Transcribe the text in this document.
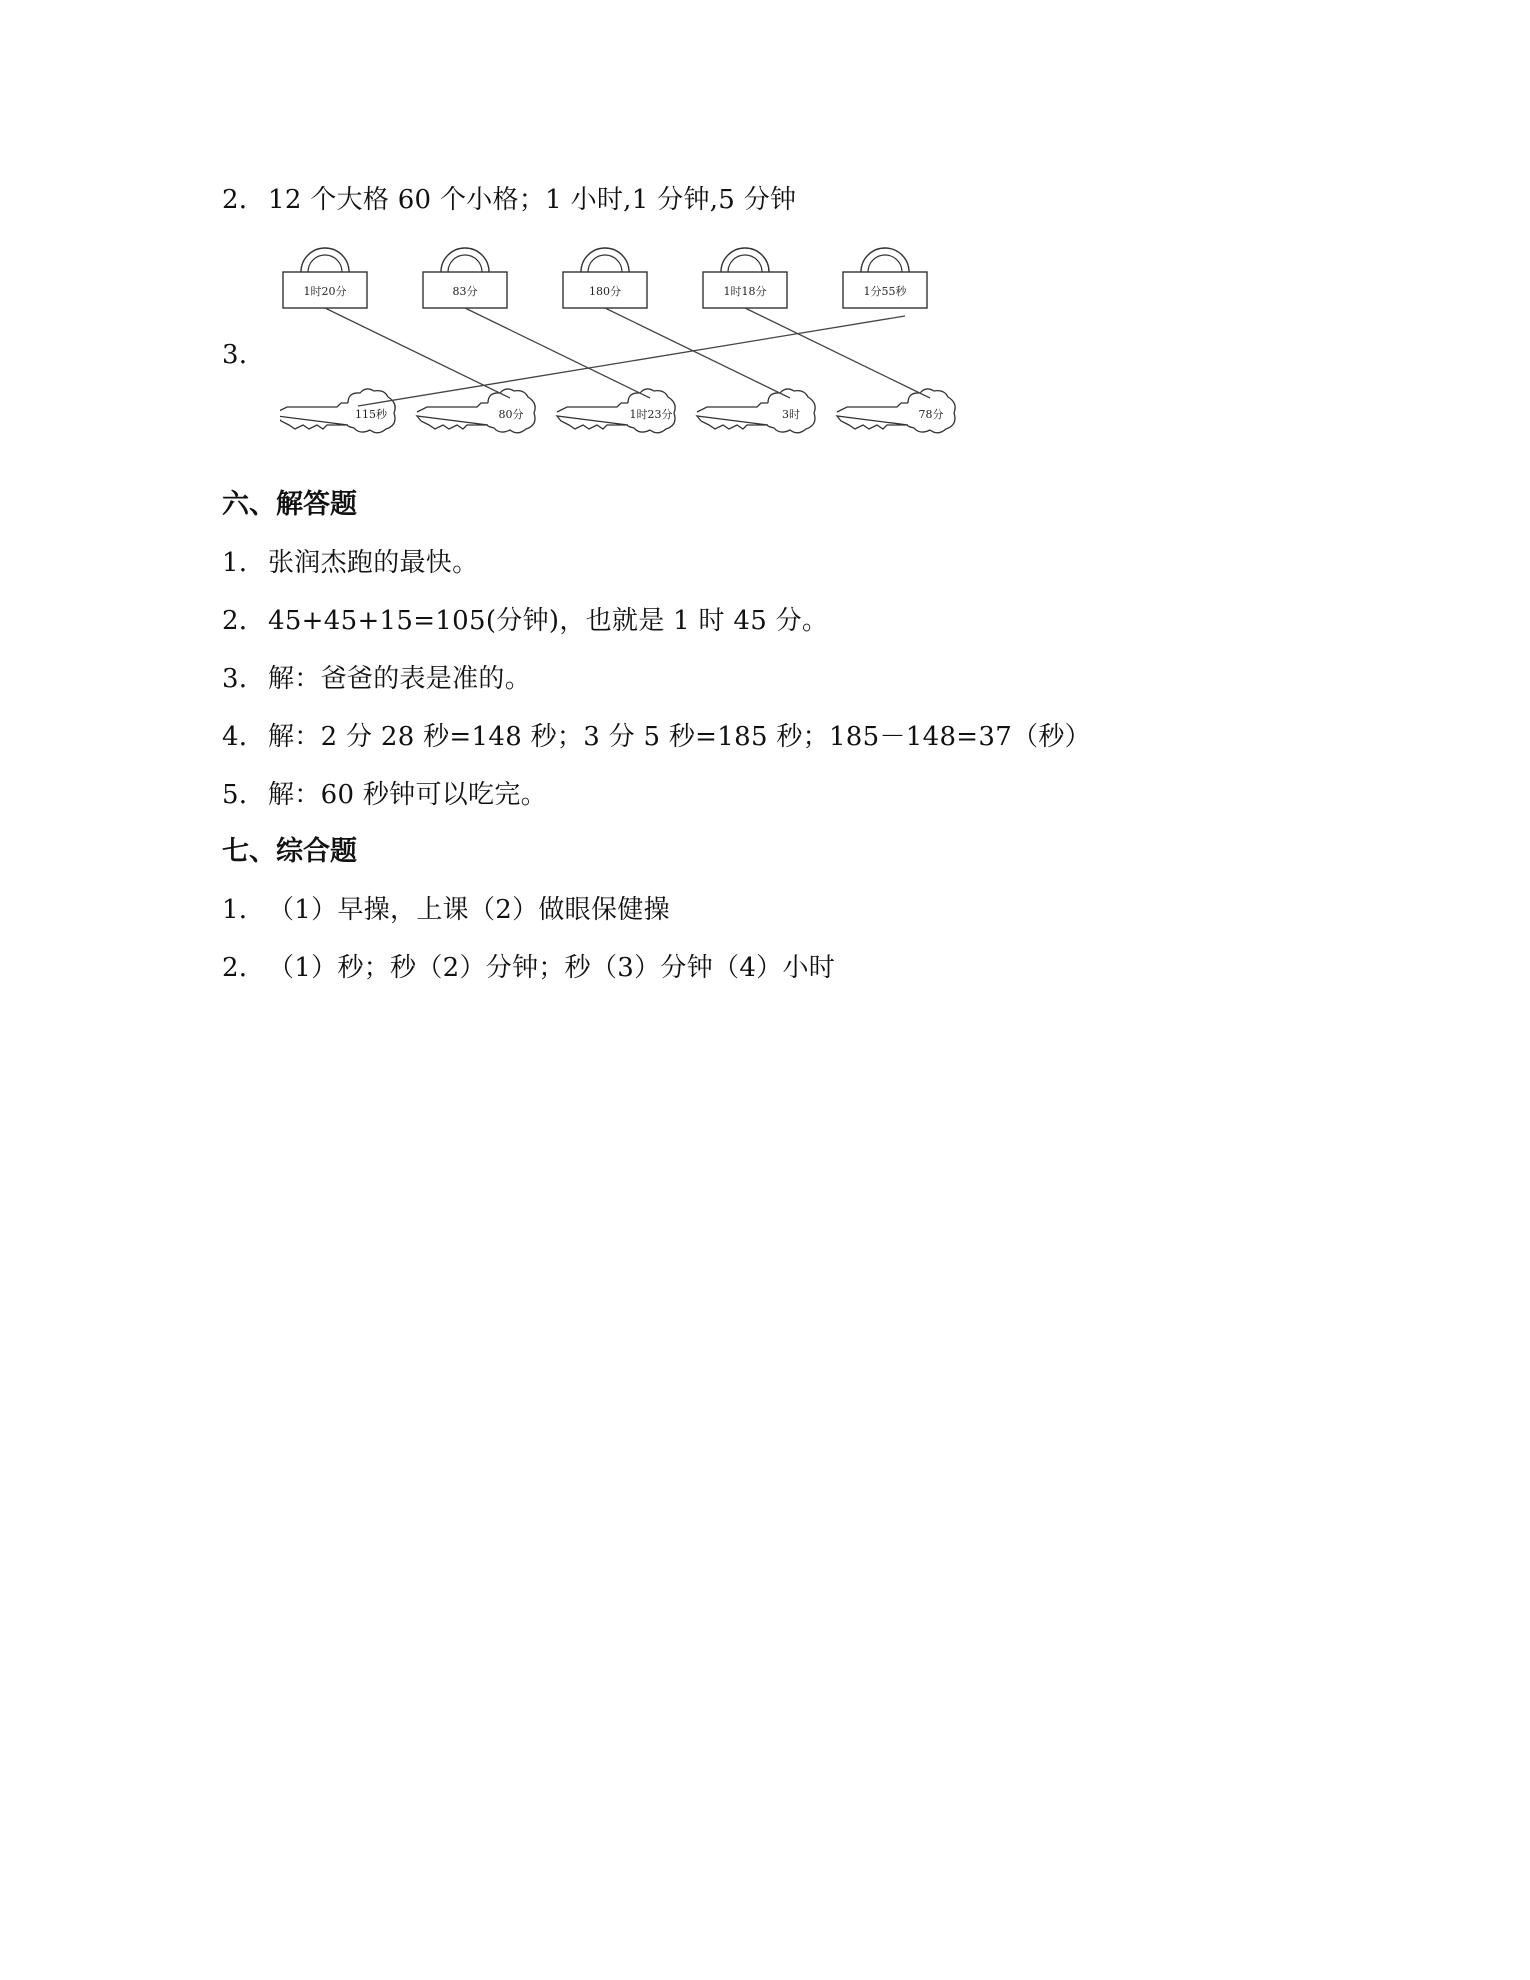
2． 12 个大格 60 个小格；1 小时,1 分钟,5 分钟
3．
1时20分	83分	180分	1时18分	1分55秒
115秒	80分	1时23分	3时	78分
六、解答题
1． 张润杰跑的最快。
2． 45+45+15=105(分钟)，也就是 1 时 45 分。
3． 解：爸爸的表是准的。
4． 解：2 分 28 秒=148 秒；3 分 5 秒=185 秒；185－148=37（秒）
5． 解：60 秒钟可以吃完。
七、综合题
1． （1）早操，上课（2）做眼保健操
2． （1）秒；秒（2）分钟；秒（3）分钟（4）小时
